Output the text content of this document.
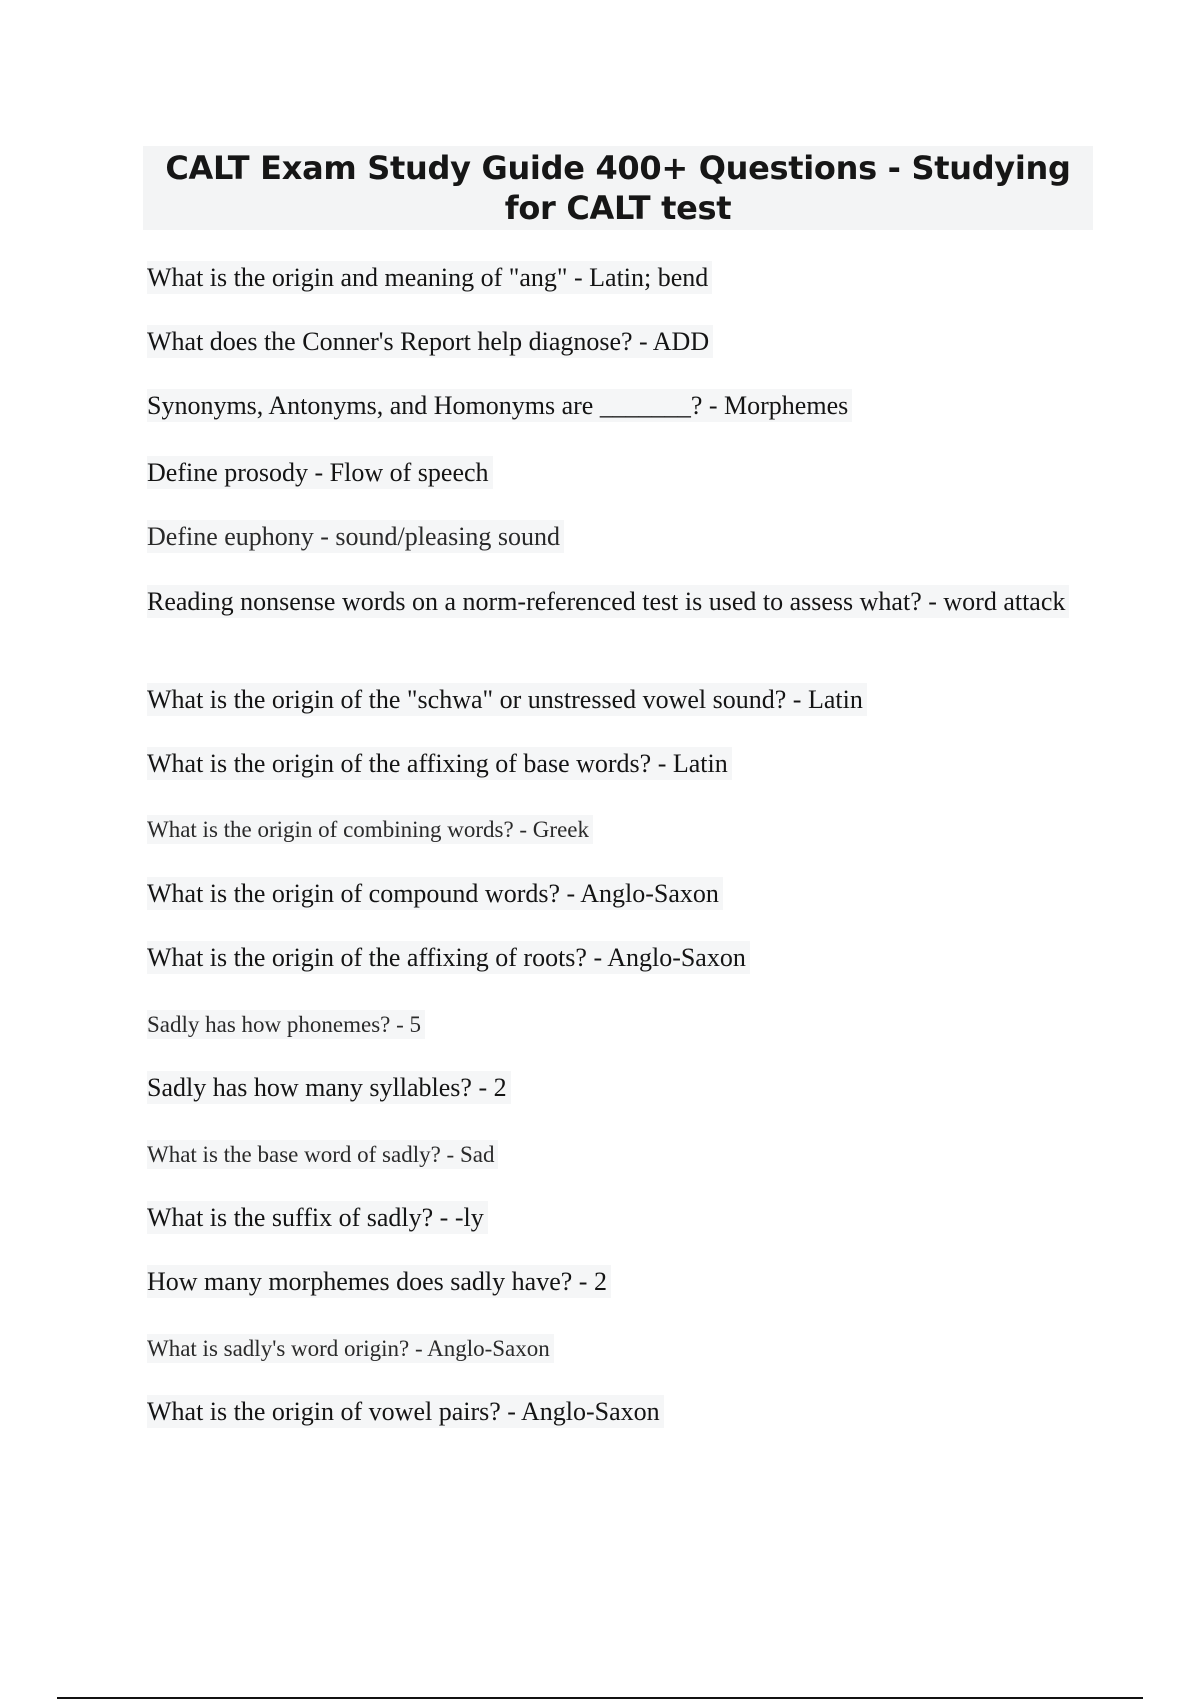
CALT Exam Study Guide 400+ Questions - Studying for CALT test
What is the origin and meaning of "ang" - Latin; bend
What does the Conner's Report help diagnose? - ADD
Synonyms, Antonyms, and Homonyms are _______? - Morphemes
Define prosody - Flow of speech
Define euphony - sound/pleasing sound
Reading nonsense words on a norm-referenced test is used to assess what? - word attack
What is the origin of the "schwa" or unstressed vowel sound? - Latin
What is the origin of the affixing of base words? - Latin
What is the origin of combining words? - Greek
What is the origin of compound words? - Anglo-Saxon
What is the origin of the affixing of roots? - Anglo-Saxon
Sadly has how phonemes? - 5
Sadly has how many syllables? - 2
What is the base word of sadly? - Sad
What is the suffix of sadly? - -ly
How many morphemes does sadly have? - 2
What is sadly's word origin? - Anglo-Saxon
What is the origin of vowel pairs? - Anglo-Saxon
